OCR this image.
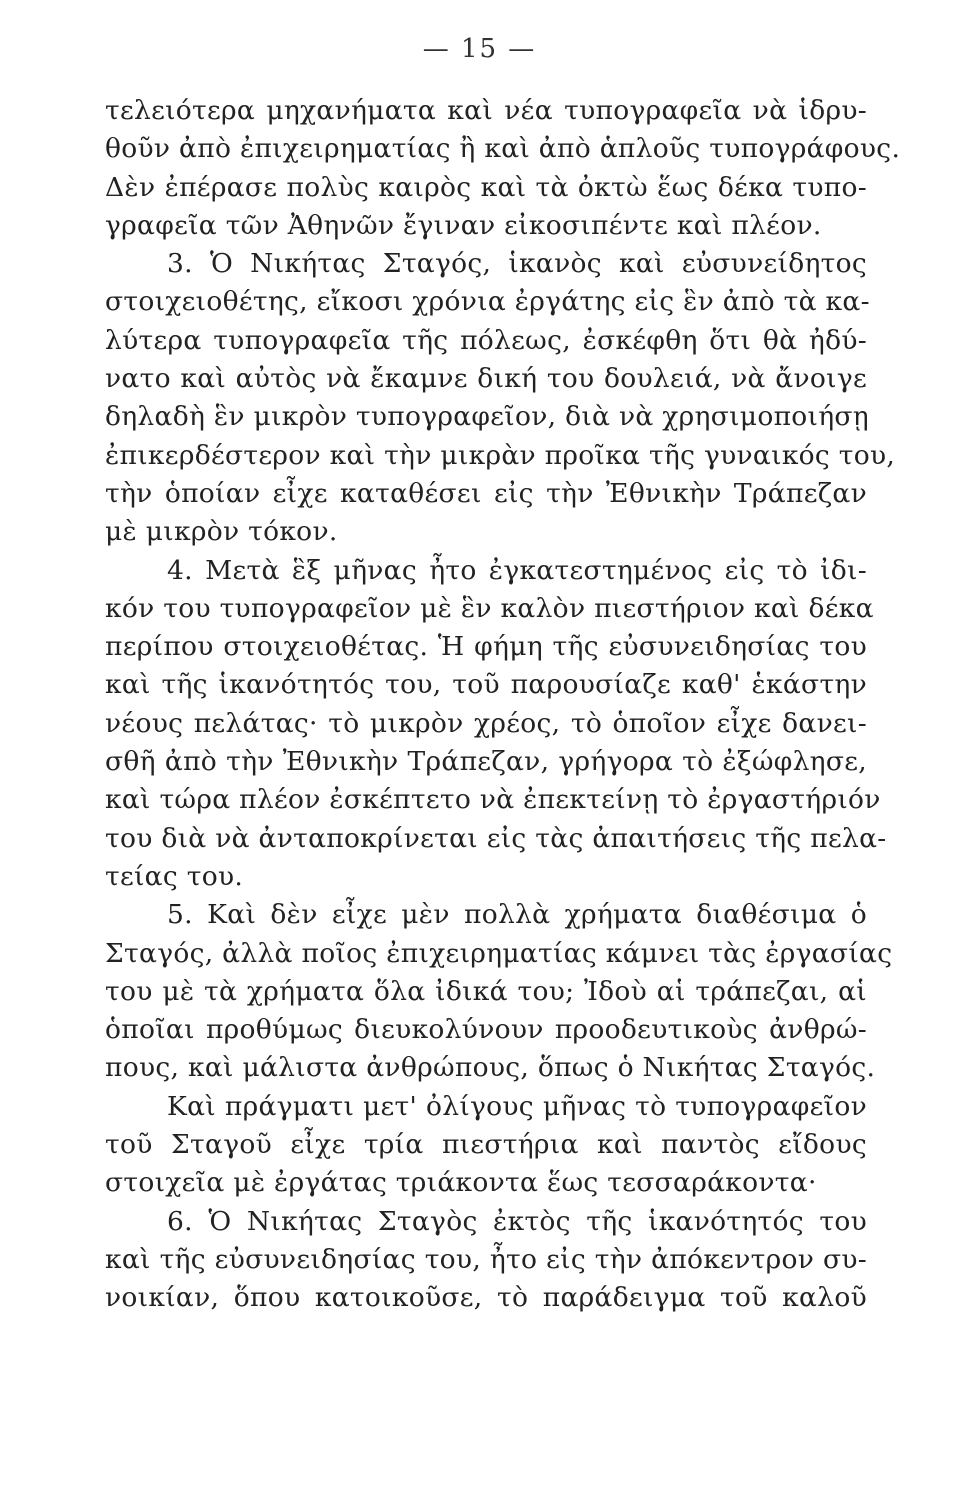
— 15 —
τελειότερα μηχανήματα καὶ νέα τυπογραφεῖα νὰ ἱδρυ-
θοῦν ἀπὸ ἐπιχειρηματίας ἢ καὶ ἀπὸ ἁπλοῦς τυπογράφους.
Δὲν ἐπέρασε πολὺς καιρὸς καὶ τὰ ὀκτὼ ἕως δέκα τυπο-
γραφεῖα τῶν Ἀθηνῶν ἔγιναν εἰκοσιπέντε καὶ πλέον.
3. Ὁ Νικήτας Σταγός, ἱκανὸς καὶ εὐσυνείδητος
στοιχειοθέτης, εἴκοσι χρόνια ἐργάτης εἰς ἓν ἀπὸ τὰ κα-
λύτερα τυπογραφεῖα τῆς πόλεως, ἐσκέφθη ὅτι θὰ ἠδύ-
νατο καὶ αὐτὸς νὰ ἔκαμνε δική του δουλειά, νὰ ἄνοιγε
δηλαδὴ ἓν μικρὸν τυπογραφεῖον, διὰ νὰ χρησιμοποιήσῃ
ἐπικερδέστερον καὶ τὴν μικρὰν προῖκα τῆς γυναικός του,
τὴν ὁποίαν εἶχε καταθέσει εἰς τὴν Ἐθνικὴν Τράπεζαν
μὲ μικρὸν τόκον.
4. Μετὰ ἓξ μῆνας ἦτο ἐγκατεστημένος εἰς τὸ ἰδι-
κόν του τυπογραφεῖον μὲ ἓν καλὸν πιεστήριον καὶ δέκα
περίπου στοιχειοθέτας. Ἡ φήμη τῆς εὐσυνειδησίας του
καὶ τῆς ἱκανότητός του, τοῦ παρουσίαζε καθ' ἑκάστην
νέους πελάτας· τὸ μικρὸν χρέος, τὸ ὁποῖον εἶχε δανει-
σθῆ ἀπὸ τὴν Ἐθνικὴν Τράπεζαν, γρήγορα τὸ ἐξώφλησε,
καὶ τώρα πλέον ἐσκέπτετο νὰ ἐπεκτείνῃ τὸ ἐργαστήριόν
του διὰ νὰ ἀνταποκρίνεται εἰς τὰς ἀπαιτήσεις τῆς πελα-
τείας του.
5. Καὶ δὲν εἶχε μὲν πολλὰ χρήματα διαθέσιμα ὁ
Σταγός, ἀλλὰ ποῖος ἐπιχειρηματίας κάμνει τὰς ἐργασίας
του μὲ τὰ χρήματα ὅλα ἰδικά του; Ἰδοὺ αἱ τράπεζαι, αἱ
ὁποῖαι προθύμως διευκολύνουν προοδευτικοὺς ἀνθρώ-
πους, καὶ μάλιστα ἀνθρώπους, ὅπως ὁ Νικήτας Σταγός.
Καὶ πράγματι μετ' ὀλίγους μῆνας τὸ τυπογραφεῖον
τοῦ Σταγοῦ εἶχε τρία πιεστήρια καὶ παντὸς εἴδους
στοιχεῖα μὲ ἐργάτας τριάκοντα ἕως τεσσαράκοντα·
6. Ὁ Νικήτας Σταγὸς ἐκτὸς τῆς ἱκανότητός του
καὶ τῆς εὐσυνειδησίας του, ἦτο εἰς τὴν ἀπόκεντρον συ-
νοικίαν, ὅπου κατοικοῦσε, τὸ παράδειγμα τοῦ καλοῦ
